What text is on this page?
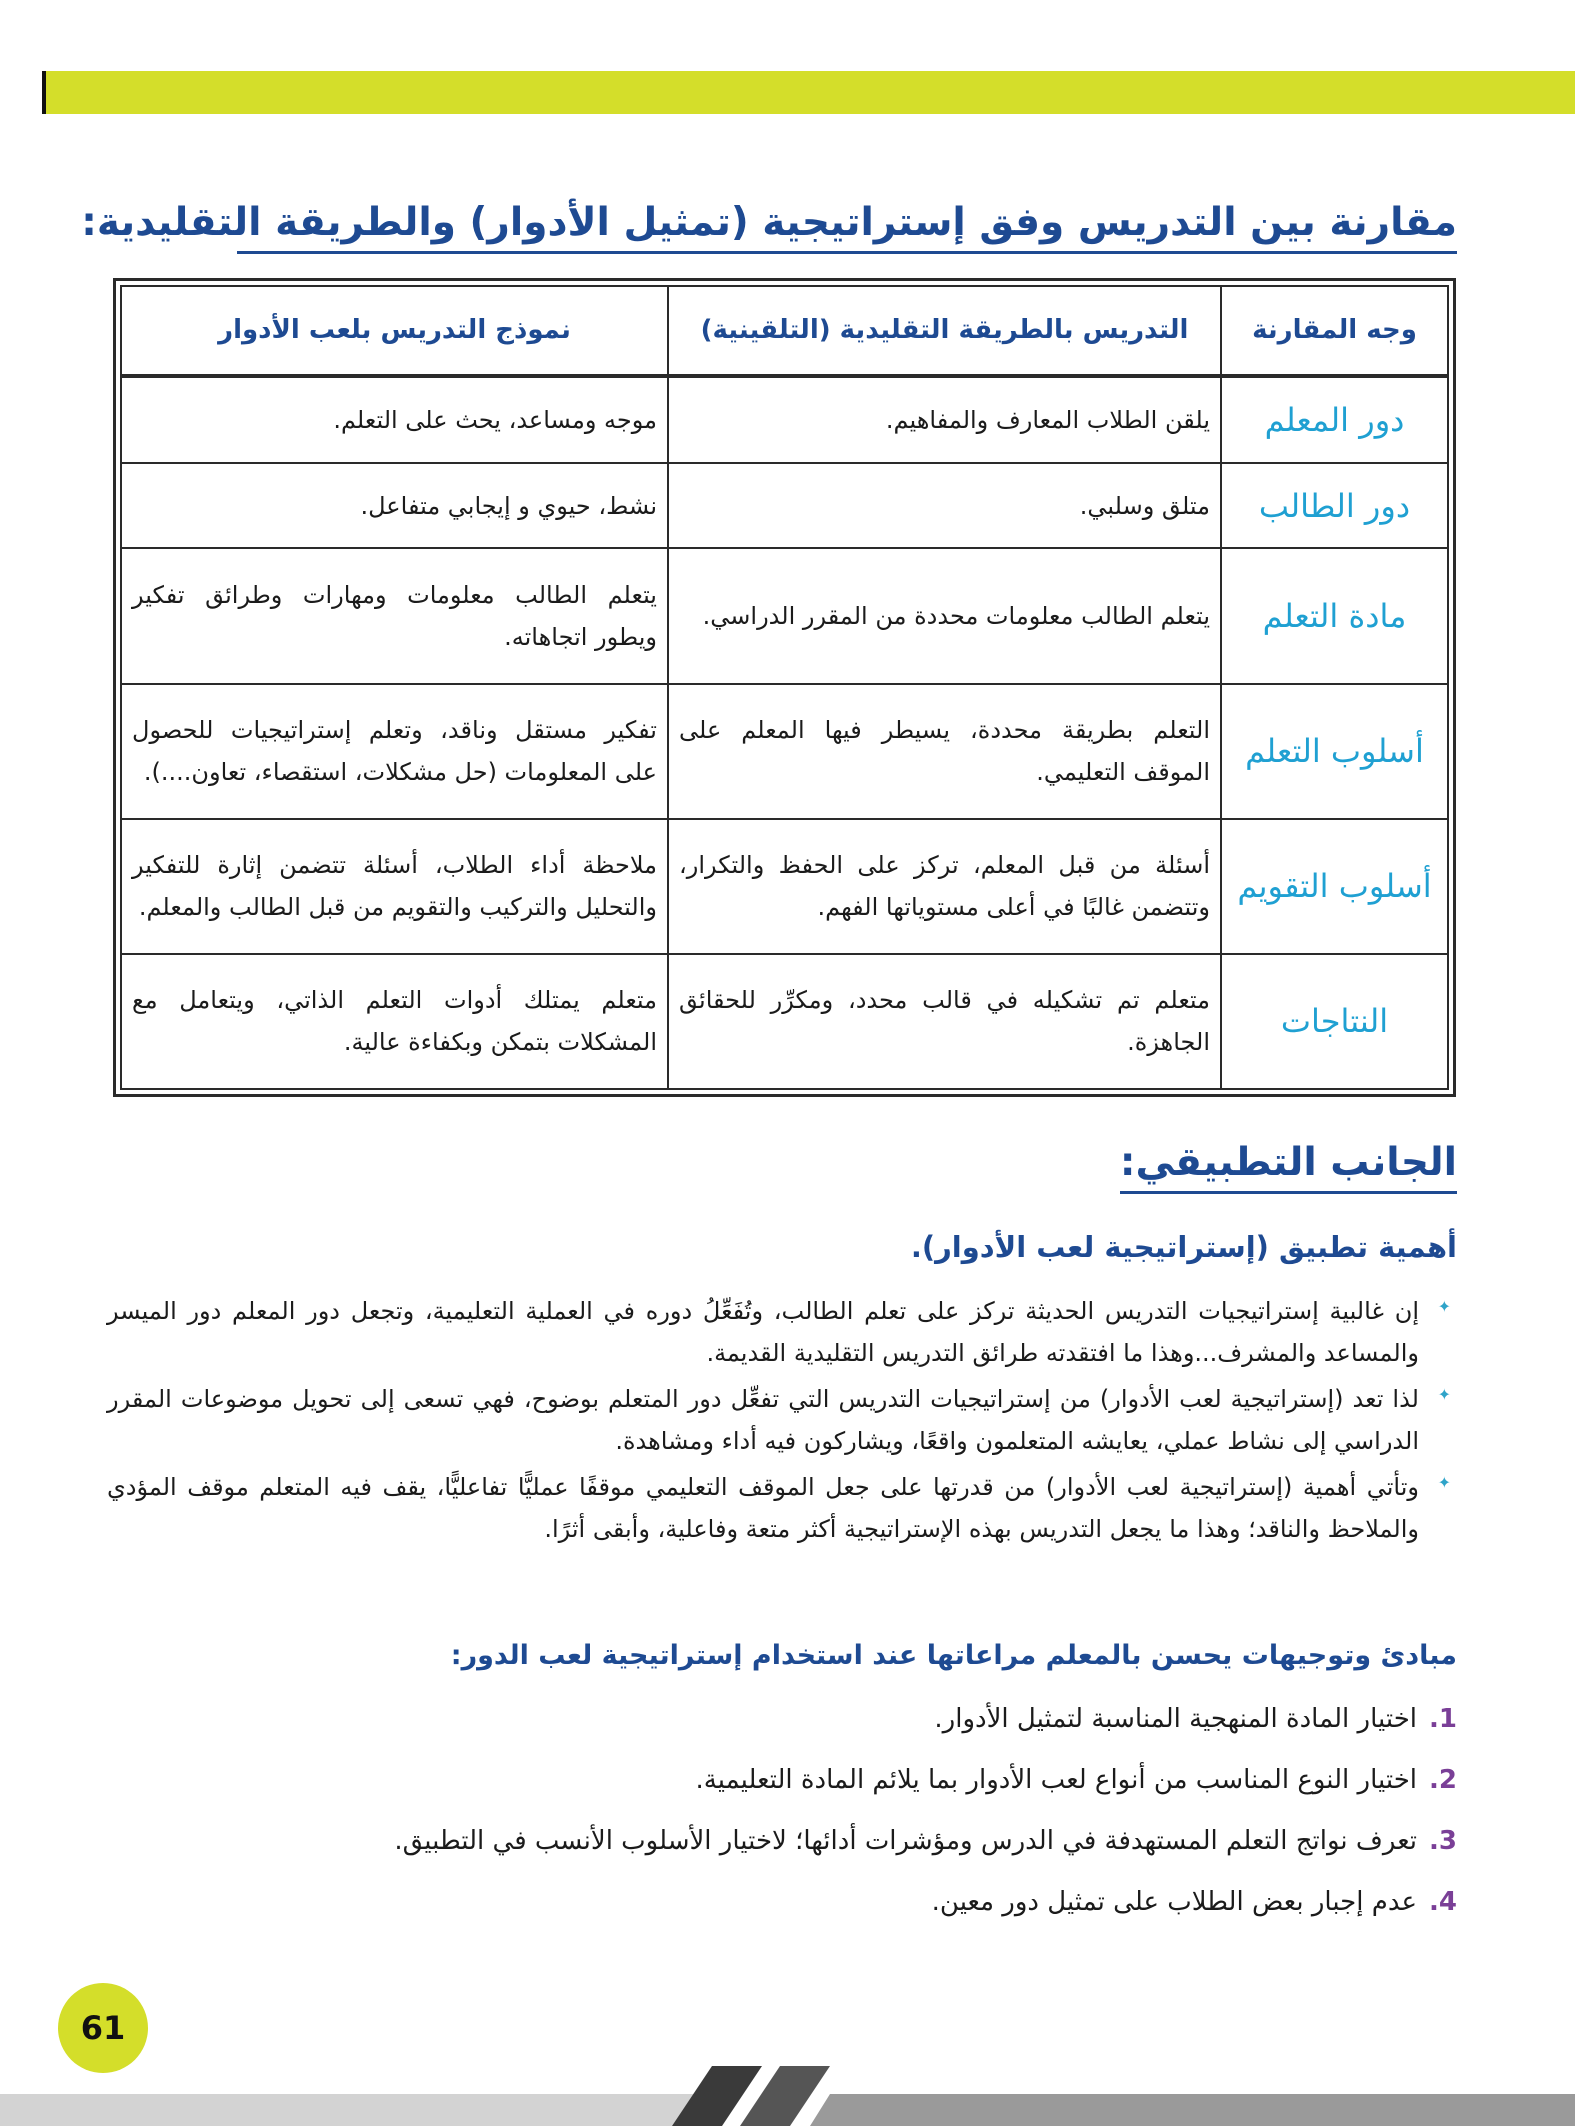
مقارنة بين التدريس وفق إستراتيجية (تمثيل الأدوار) والطريقة التقليدية:
وجه المقارنة	التدريس بالطريقة التقليدية (التلقينية)	نموذج التدريس بلعب الأدوار
دور المعلم	يلقن الطلاب المعارف والمفاهيم.	موجه ومساعد، يحث على التعلم.
دور الطالب	متلق وسلبي.	نشط، حيوي و إيجابي متفاعل.
مادة التعلم	يتعلم الطالب معلومات محددة من المقرر الدراسي.	يتعلم الطالب معلومات ومهارات وطرائق تفكير ويطور اتجاهاته.
أسلوب التعلم	التعلم بطريقة محددة، يسيطر فيها المعلم على الموقف التعليمي.	تفكير مستقل وناقد، وتعلم إستراتيجيات للحصول على المعلومات (حل مشكلات، استقصاء، تعاون....).
أسلوب التقويم	أسئلة من قبل المعلم، تركز على الحفظ والتكرار، وتتضمن غالبًا في أعلى مستوياتها الفهم.	ملاحظة أداء الطلاب، أسئلة تتضمن إثارة للتفكير والتحليل والتركيب والتقويم من قبل الطالب والمعلم.
النتاجات	متعلم تم تشكيله في قالب محدد، ومكرِّر للحقائق الجاهزة.	متعلم يمتلك أدوات التعلم الذاتي، ويتعامل مع المشكلات بتمكن وبكفاءة عالية.
الجانب التطبيقي:
أهمية تطبيق (إستراتيجية لعب الأدوار).
✦
إن غالبية إستراتيجيات التدريس الحديثة تركز على تعلم الطالب، وتُفَعِّلُ دوره في العملية التعليمية، وتجعل دور المعلم دور الميسر والمساعد والمشرف...وهذا ما افتقدته طرائق التدريس التقليدية القديمة.
✦
لذا تعد (إستراتيجية لعب الأدوار) من إستراتيجيات التدريس التي تفعِّل دور المتعلم بوضوح، فهي تسعى إلى تحويل موضوعات المقرر الدراسي إلى نشاط عملي، يعايشه المتعلمون واقعًا، ويشاركون فيه أداء ومشاهدة.
✦
وتأتي أهمية (إستراتيجية لعب الأدوار) من قدرتها على جعل الموقف التعليمي موقفًا عمليًّا تفاعليًّا، يقف فيه المتعلم موقف المؤدي والملاحظ والناقد؛ وهذا ما يجعل التدريس بهذه الإستراتيجية أكثر متعة وفاعلية، وأبقى أثرًا.
مبادئ وتوجيهات يحسن بالمعلم مراعاتها عند استخدام إستراتيجية لعب الدور:
1.
اختيار المادة المنهجية المناسبة لتمثيل الأدوار.
2.
اختيار النوع المناسب من أنواع لعب الأدوار بما يلائم المادة التعليمية.
3.
تعرف نواتج التعلم المستهدفة في الدرس ومؤشرات أدائها؛ لاختيار الأسلوب الأنسب في التطبيق.
4.
عدم إجبار بعض الطلاب على تمثيل دور معين.
61
